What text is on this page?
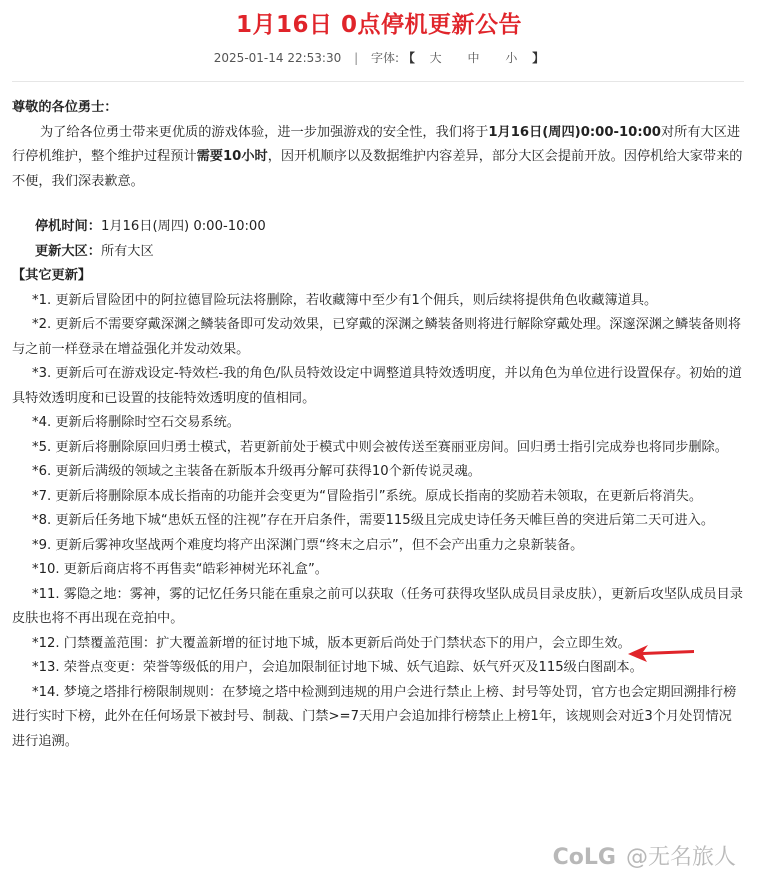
1月16日 0点停机更新公告
2025-01-14 22:53:30 | 字体: 【 大 中 小 】

尊敬的各位勇士：

为了给各位勇士带来更优质的游戏体验，进一步加强游戏的安全性，我们将于1月16日(周四)0:00-10:00对所有大区进行停机维护，整个维护过程预计需要10小时，因开机顺序以及数据维护内容差异，部分大区会提前开放。因停机给大家带来的不便，我们深表歉意。

停机时间：1月16日(周四) 0:00-10:00

更新大区：所有大区

【其它更新】

*1. 更新后冒险团中的阿拉德冒险玩法将删除，若收藏簿中至少有1个佣兵，则后续将提供角色收藏簿道具。

*2. 更新后不需要穿戴深渊之鳞装备即可发动效果，已穿戴的深渊之鳞装备则将进行解除穿戴处理。深邃深渊之鳞装备则将与之前一样登录在增益强化并发动效果。

*3. 更新后可在游戏设定-特效栏-我的角色/队员特效设定中调整道具特效透明度，并以角色为单位进行设置保存。初始的道具特效透明度和已设置的技能特效透明度的值相同。

*4. 更新后将删除时空石交易系统。

*5. 更新后将删除原回归勇士模式，若更新前处于模式中则会被传送至赛丽亚房间。回归勇士指引完成券也将同步删除。

*6. 更新后满级的领域之主装备在新版本升级再分解可获得10个新传说灵魂。

*7. 更新后将删除原本成长指南的功能并会变更为“冒险指引”系统。原成长指南的奖励若未领取，在更新后将消失。

*8. 更新后任务地下城“患妖五怪的注视”存在开启条件，需要115级且完成史诗任务天帷巨兽的突进后第二天可进入。

*9. 更新后雾神攻坚战两个难度均将产出深渊门票“终末之启示”，但不会产出重力之泉新装备。

*10. 更新后商店将不再售卖“皓彩神树光环礼盒”。

*11. 雾隐之地：雾神，雾的记忆任务只能在重泉之前可以获取（任务可获得攻坚队成员目录皮肤），更新后攻坚队成员目录皮肤也将不再出现在竞拍中。

*12. 门禁覆盖范围：扩大覆盖新增的征讨地下城，版本更新后尚处于门禁状态下的用户，会立即生效。

*13. 荣誉点变更：荣誉等级低的用户，会追加限制征讨地下城、妖气追踪、妖气歼灭及115级白图副本。

*14. 梦境之塔排行榜限制规则：在梦境之塔中检测到违规的用户会进行禁止上榜、封号等处罚，官方也会定期回溯排行榜进行实时下榜，此外在任何场景下被封号、制裁、门禁>=7天用户会追加排行榜禁止上榜1年，该规则会对近3个月处罚情况进行追溯。

CoLG @无名旅人
